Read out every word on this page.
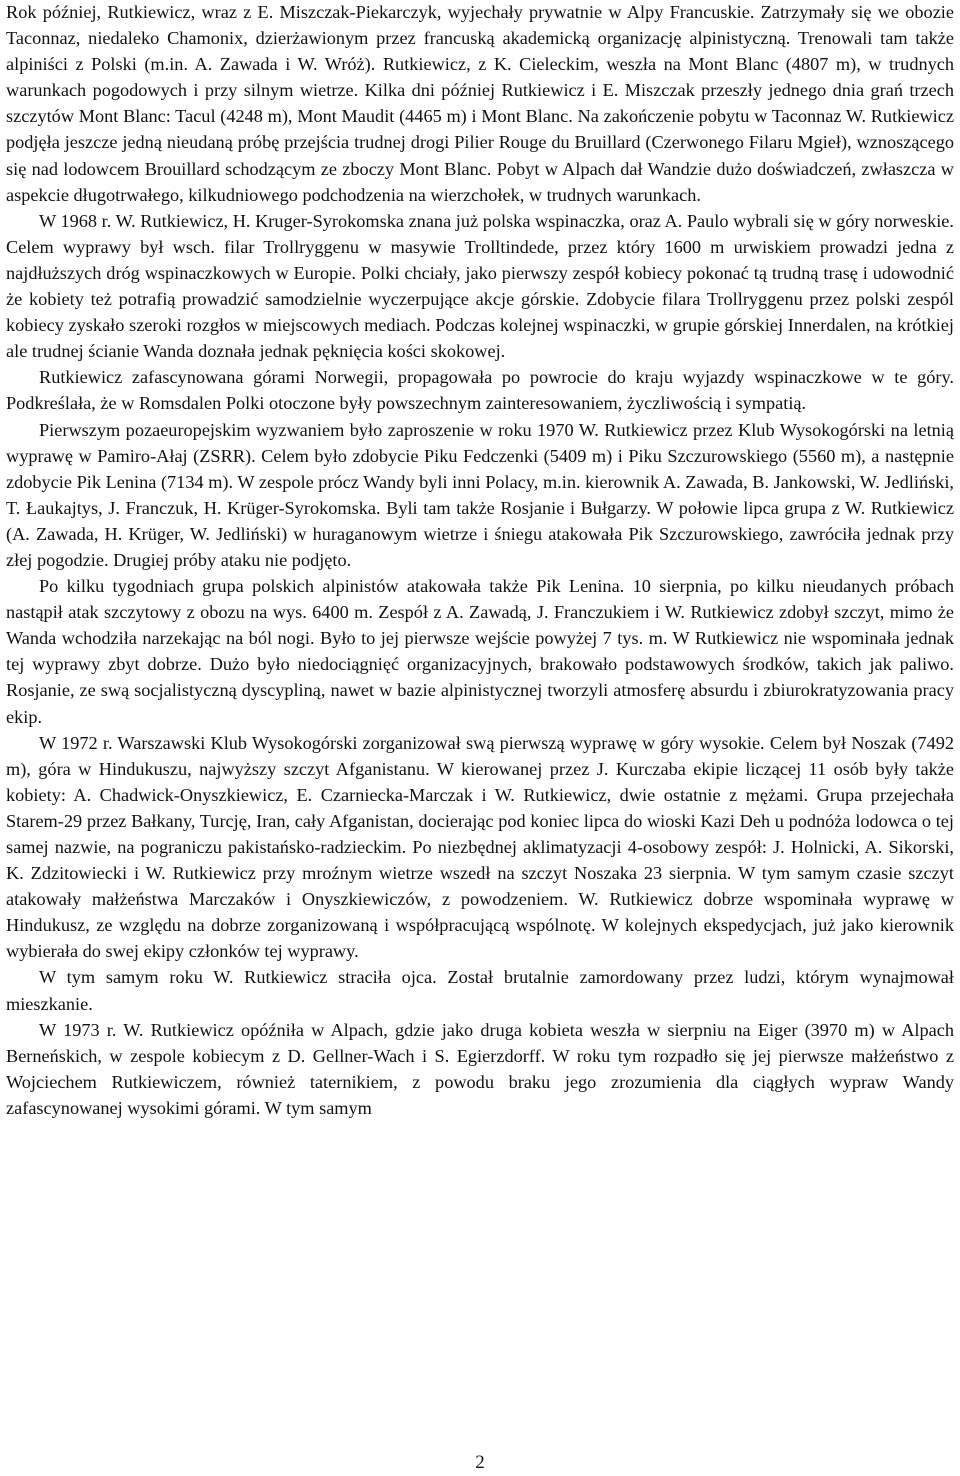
Rok później, Rutkiewicz, wraz z E. Miszczak-Piekarczyk, wyjechały prywatnie w Alpy Francuskie. Zatrzymały się we obozie Taconnaz, niedaleko Chamonix, dzierżawionym przez francuską akademicką organizację alpinistyczną. Trenowali tam także alpiniści z Polski (m.in. A. Zawada i W. Wróż). Rutkiewicz, z K. Cieleckim, weszła na Mont Blanc (4807 m), w trudnych warunkach pogodowych i przy silnym wietrze. Kilka dni później Rutkiewicz i E. Miszczak przeszły jednego dnia grań trzech szczytów Mont Blanc: Tacul (4248 m), Mont Maudit (4465 m) i Mont Blanc. Na zakończenie pobytu w Taconnaz W. Rutkiewicz podjęła jeszcze jedną nieudaną próbę przejścia trudnej drogi Pilier Rouge du Bruillard (Czerwonego Filaru Mgieł), wznoszącego się nad lodowcem Brouillard schodzącym ze zboczy Mont Blanc. Pobyt w Alpach dał Wandzie dużo doświadczeń, zwłaszcza w aspekcie długotrwałego, kilkudniowego podchodzenia na wierzchołek, w trudnych warunkach.

W 1968 r. W. Rutkiewicz, H. Kruger-Syrokomska znana już polska wspinaczka, oraz A. Paulo wybrali się w góry norweskie. Celem wyprawy był wsch. filar Trollryggenu w masywie Trolltindede, przez który 1600 m urwiskiem prowadzi jedna z najdłuższych dróg wspinaczkowych w Europie. Polki chciały, jako pierwszy zespół kobiecy pokonać tą trudną trasę i udowodnić że kobiety też potrafią prowadzić samodzielnie wyczerpujące akcje górskie. Zdobycie filara Trollryggenu przez polski zespól kobiecy zyskało szeroki rozgłos w miejscowych mediach. Podczas kolejnej wspinaczki, w grupie górskiej Innerdalen, na krótkiej ale trudnej ścianie Wanda doznała jednak pęknięcia kości skokowej.

Rutkiewicz zafascynowana górami Norwegii, propagowała po powrocie do kraju wyjazdy wspinaczkowe w te góry. Podkreślała, że w Romsdalen Polki otoczone były powszechnym zainteresowaniem, życzliwością i sympatią.

Pierwszym pozaeuropejskim wyzwaniem było zaproszenie w roku 1970 W. Rutkiewicz przez Klub Wysokogórski na letnią wyprawę w Pamiro-Ałaj (ZSRR). Celem było zdobycie Piku Fedczenki (5409 m) i Piku Szczurowskiego (5560 m), a następnie zdobycie Pik Lenina (7134 m). W zespole prócz Wandy byli inni Polacy, m.in. kierownik A. Zawada, B. Jankowski, W. Jedliński, T. Łaukajtys, J. Franczuk, H. Krüger-Syrokomska. Byli tam także Rosjanie i Bułgarzy. W połowie lipca grupa z W. Rutkiewicz (A. Zawada, H. Krüger, W. Jedliński) w huraganowym wietrze i śniegu atakowała Pik Szczurowskiego, zawróciła jednak przy złej pogodzie. Drugiej próby ataku nie podjęto.

Po kilku tygodniach grupa polskich alpinistów atakowała także Pik Lenina. 10 sierpnia, po kilku nieudanych próbach nastąpił atak szczytowy z obozu na wys. 6400 m. Zespół z A. Zawadą, J. Franczukiem i W. Rutkiewicz zdobył szczyt, mimo że Wanda wchodziła narzekając na ból nogi. Było to jej pierwsze wejście powyżej 7 tys. m. W Rutkiewicz nie wspominała jednak tej wyprawy zbyt dobrze. Dużo było niedociągnięć organizacyjnych, brakowało podstawowych środków, takich jak paliwo. Rosjanie, ze swą socjalistyczną dyscypliną, nawet w bazie alpinistycznej tworzyli atmosferę absurdu i zbiurokratyzowania pracy ekip.

W 1972 r. Warszawski Klub Wysokogórski zorganizował swą pierwszą wyprawę w góry wysokie. Celem był Noszak (7492 m), góra w Hindukuszu, najwyższy szczyt Afganistanu. W kierowanej przez J. Kurczaba ekipie liczącej 11 osób były także kobiety: A. Chadwick-Onyszkiewicz, E. Czarniecka-Marczak i W. Rutkiewicz, dwie ostatnie z mężami. Grupa przejechała Starem-29 przez Bałkany, Turcję, Iran, cały Afganistan, docierając pod koniec lipca do wioski Kazi Deh u podnóża lodowca o tej samej nazwie, na pograniczu pakistańsko-radzieckim. Po niezbędnej aklimatyzacji 4-osobowy zespół: J. Holnicki, A. Sikorski, K. Zdzitowiecki i W. Rutkiewicz przy mroźnym wietrze wszedł na szczyt Noszaka 23 sierpnia. W tym samym czasie szczyt atakowały małżeństwa Marczaków i Onyszkiewiczów, z powodzeniem. W. Rutkiewicz dobrze wspominała wyprawę w Hindukusz, ze względu na dobrze zorganizowaną i współpracującą wspólnotę. W kolejnych ekspedycjach, już jako kierownik wybierała do swej ekipy członków tej wyprawy.

W tym samym roku W. Rutkiewicz straciła ojca. Został brutalnie zamordowany przez ludzi, którym wynajmował mieszkanie.

W 1973 r. W. Rutkiewicz opóźniła w Alpach, gdzie jako druga kobieta weszła w sierpniu na Eiger (3970 m) w Alpach Berneńskich, w zespole kobiecym z D. Gellner-Wach i S. Egierzdorff. W roku tym rozpadło się jej pierwsze małżeństwo z Wojciechem Rutkiewiczem, również taternikiem, z powodu braku jego zrozumienia dla ciągłych wypraw Wandy zafascynowanej wysokimi górami. W tym samym

2
